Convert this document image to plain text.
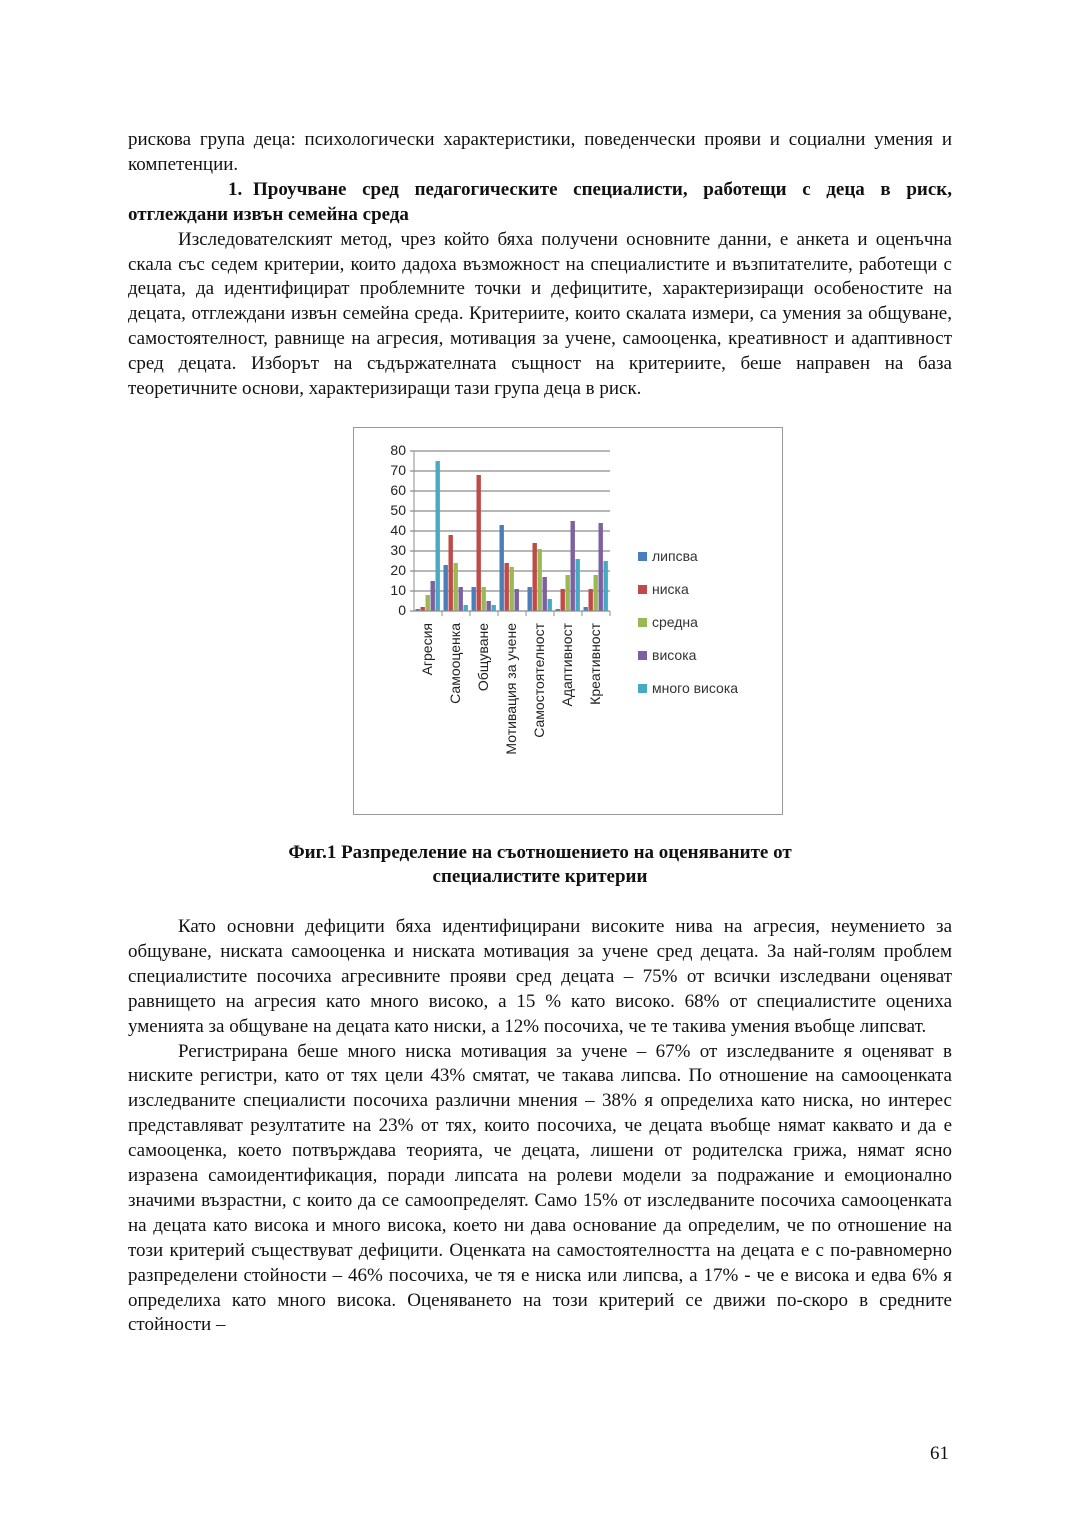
рискова група деца: психологически характеристики, поведенчески прояви и социални умения и компетенции.

1. Проучване сред педагогическите специалисти, работещи с деца в риск, отглеждани извън семейна среда

Изследователският метод, чрез който бяха получени основните данни, е анкета и оценъчна скала със седем критерии, които дадоха възможност на специалистите и възпитателите, работещи с децата, да идентифицират проблемните точки и дефицитите, характеризиращи особеностите на децата, отглеждани извън семейна среда. Критериите, които скалата измери, са умения за общуване, самостоятелност, равнище на агресия, мотивация за учене, самооценка, креативност и адаптивност сред децата. Изборът на съдържателната същност на критериите, беше направен на база теоретичните основи, характеризиращи тази група деца в риск.

0
10
20
30
40
50
60
70
80
Агресия Самооценка Общуване Мотивация за учене Самостоятелност Адаптивност Креативност
липсва
ниска
средна
висока
много висока

Фиг.1 Разпределение на съотношението на оценяваните от

специалистите критерии

Като основни дефицити бяха идентифицирани високите нива на агресия, неумението за общуване, ниската самооценка и ниската мотивация за учене сред децата. За най-голям проблем специалистите посочиха агресивните прояви сред децата – 75% от всички изследвани оценяват равнището на агресия като много високо, а 15 % като високо. 68% от специалистите оцениха уменията за общуване на децата като ниски, а 12% посочиха, че те такива умения въобще липсват.

Регистрирана беше много ниска мотивация за учене – 67% от изследваните я оценяват в ниските регистри, като от тях цели 43% смятат, че такава липсва. По отношение на самооценката изследваните специалисти посочиха различни мнения – 38% я определиха като ниска, но интерес представляват резултатите на 23% от тях, които посочиха, че децата въобще нямат каквато и да е самооценка, което потвърждава теорията, че децата, лишени от родителска грижа, нямат ясно изразена самоидентификация, поради липсата на ролеви модели за подражание и емоционално значими възрастни, с които да се самоопределят. Само 15% от изследваните посочиха самооценката на децата като висока и много висока, което ни дава основание да определим, че по отношение на този критерий съществуват дефицити. Оценката на самостоятелността на децата е с по-равномерно разпределени стойности – 46% посочиха, че тя е ниска или липсва, а 17% - че е висока и едва 6% я определиха като много висока. Оценяването на този критерий се движи по-скоро в средните стойности –

61
